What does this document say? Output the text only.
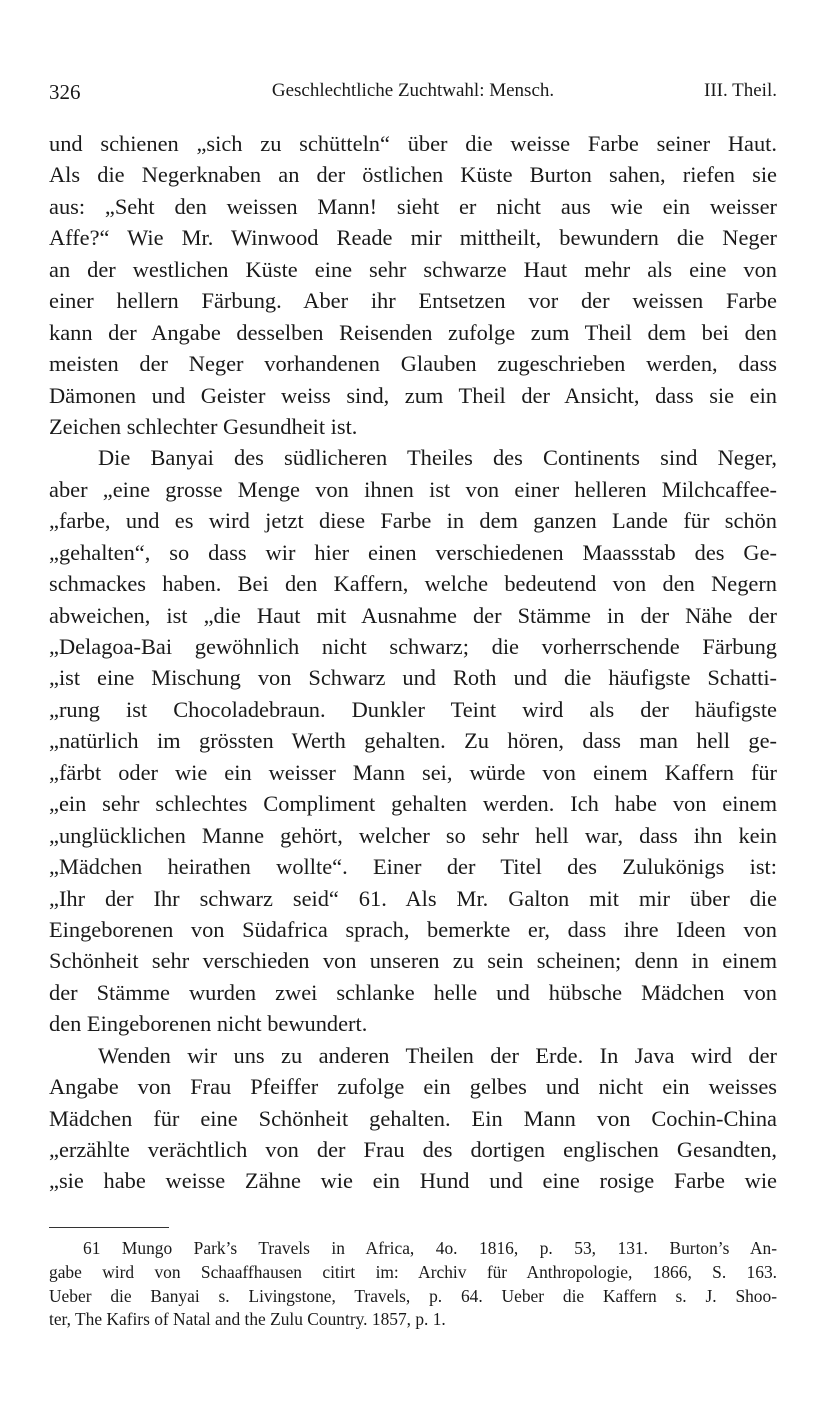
326	Geschlechtliche Zuchtwahl: Mensch.	III. Theil.
und schienen „sich zu schütteln“ über die weisse Farbe seiner Haut.
Als die Negerknaben an der östlichen Küste Burton sahen, riefen sie
aus: „Seht den weissen Mann! sieht er nicht aus wie ein weisser
Affe?“ Wie Mr. Winwood Reade mir mittheilt, bewundern die Neger
an der westlichen Küste eine sehr schwarze Haut mehr als eine von
einer hellern Färbung. Aber ihr Entsetzen vor der weissen Farbe
kann der Angabe desselben Reisenden zufolge zum Theil dem bei den
meisten der Neger vorhandenen Glauben zugeschrieben werden, dass
Dämonen und Geister weiss sind, zum Theil der Ansicht, dass sie ein
Zeichen schlechter Gesundheit ist.
Die Banyai des südlicheren Theiles des Continents sind Neger,
aber „eine grosse Menge von ihnen ist von einer helleren Milchcaffee-
„farbe, und es wird jetzt diese Farbe in dem ganzen Lande für schön
„gehalten“, so dass wir hier einen verschiedenen Maassstab des Ge-
schmackes haben. Bei den Kaffern, welche bedeutend von den Negern
abweichen, ist „die Haut mit Ausnahme der Stämme in der Nähe der
„Delagoa-Bai gewöhnlich nicht schwarz; die vorherrschende Färbung
„ist eine Mischung von Schwarz und Roth und die häufigste Schatti-
„rung ist Chocoladebraun. Dunkler Teint wird als der häufigste
„natürlich im grössten Werth gehalten. Zu hören, dass man hell ge-
„färbt oder wie ein weisser Mann sei, würde von einem Kaffern für
„ein sehr schlechtes Compliment gehalten werden. Ich habe von einem
„unglücklichen Manne gehört, welcher so sehr hell war, dass ihn kein
„Mädchen heirathen wollte“. Einer der Titel des Zulukönigs ist:
„Ihr der Ihr schwarz seid“ 61. Als Mr. Galton mit mir über die
Eingeborenen von Südafrica sprach, bemerkte er, dass ihre Ideen von
Schönheit sehr verschieden von unseren zu sein scheinen; denn in einem
der Stämme wurden zwei schlanke helle und hübsche Mädchen von
den Eingeborenen nicht bewundert.
Wenden wir uns zu anderen Theilen der Erde. In Java wird der
Angabe von Frau Pfeiffer zufolge ein gelbes und nicht ein weisses
Mädchen für eine Schönheit gehalten. Ein Mann von Cochin-China
„erzählte verächtlich von der Frau des dortigen englischen Gesandten,
„sie habe weisse Zähne wie ein Hund und eine rosige Farbe wie
61 Mungo Park’s Travels in Africa, 4o. 1816, p. 53, 131. Burton’s An-
gabe wird von Schaaffhausen citirt im: Archiv für Anthropologie, 1866, S. 163.
Ueber die Banyai s. Livingstone, Travels, p. 64. Ueber die Kaffern s. J. Shoo-
ter, The Kafirs of Natal and the Zulu Country. 1857, p. 1.
